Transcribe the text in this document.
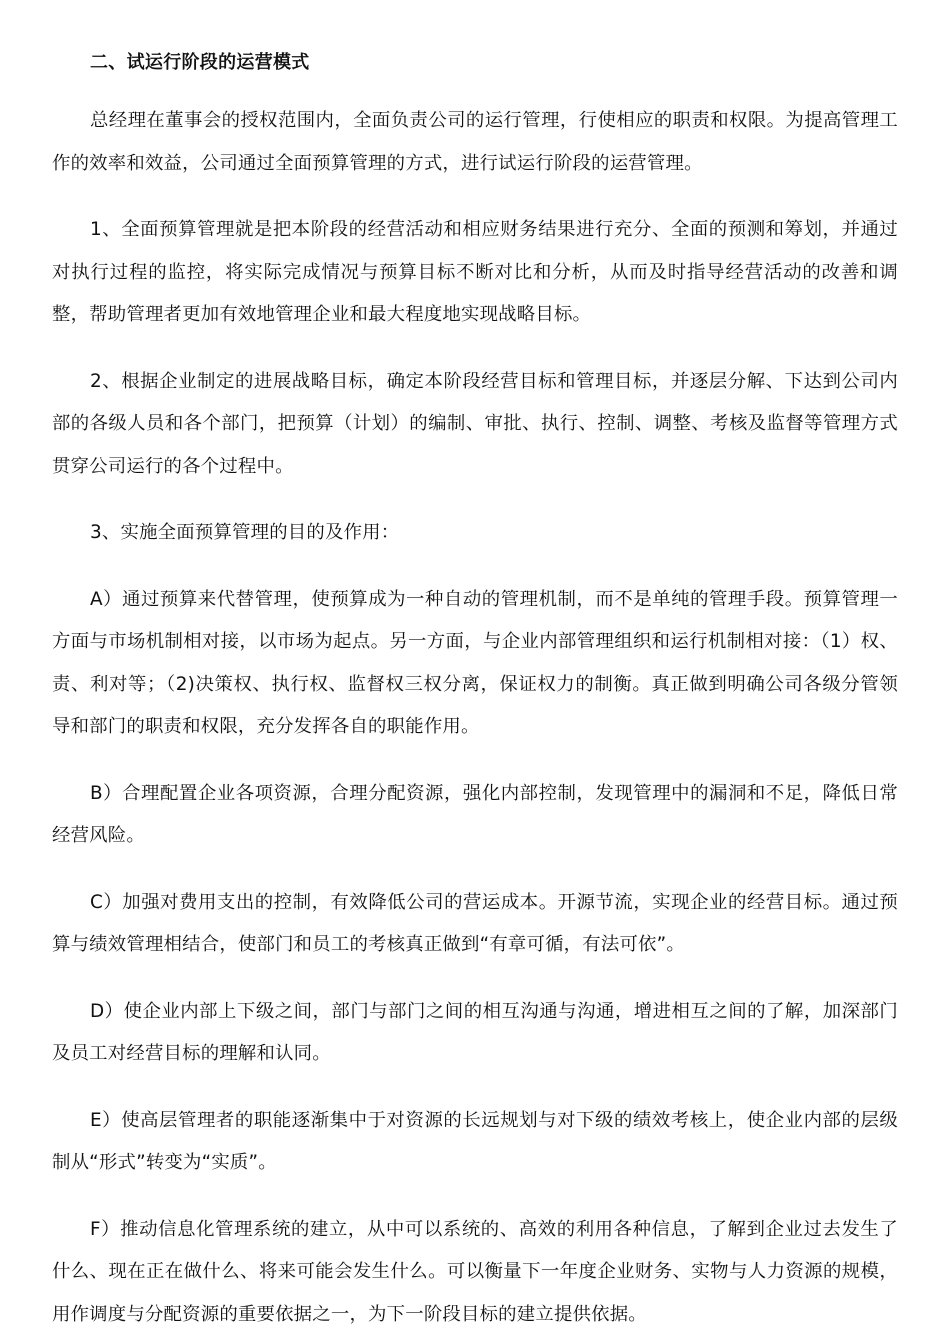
二、试运行阶段的运营模式

总经理在董事会的授权范围内，全面负责公司的运行管理，行使相应的职责和权限。为提高管理工作的效率和效益，公司通过全面预算管理的方式，进行试运行阶段的运营管理。

1、全面预算管理就是把本阶段的经营活动和相应财务结果进行充分、全面的预测和筹划，并通过对执行过程的监控，将实际完成情况与预算目标不断对比和分析，从而及时指导经营活动的改善和调整，帮助管理者更加有效地管理企业和最大程度地实现战略目标。

2、根据企业制定的进展战略目标，确定本阶段经营目标和管理目标，并逐层分解、下达到公司内部的各级人员和各个部门，把预算（计划）的编制、审批、执行、控制、调整、考核及监督等管理方式贯穿公司运行的各个过程中。

3、实施全面预算管理的目的及作用：

A）通过预算来代替管理，使预算成为一种自动的管理机制，而不是单纯的管理手段。预算管理一方面与市场机制相对接，以市场为起点。另一方面，与企业内部管理组织和运行机制相对接：（1）权、责、利对等；（2)决策权、执行权、监督权三权分离，保证权力的制衡。真正做到明确公司各级分管领导和部门的职责和权限，充分发挥各自的职能作用。

B）合理配置企业各项资源，合理分配资源，强化内部控制，发现管理中的漏洞和不足，降低日常经营风险。

C）加强对费用支出的控制，有效降低公司的营运成本。开源节流，实现企业的经营目标。通过预算与绩效管理相结合，使部门和员工的考核真正做到“有章可循，有法可依”。

D）使企业内部上下级之间，部门与部门之间的相互沟通与沟通，增进相互之间的了解，加深部门及员工对经营目标的理解和认同。

E）使高层管理者的职能逐渐集中于对资源的长远规划与对下级的绩效考核上，使企业内部的层级制从“形式”转变为“实质”。

F）推动信息化管理系统的建立，从中可以系统的、高效的利用各种信息，了解到企业过去发生了什么、现在正在做什么、将来可能会发生什么。可以衡量下一年度企业财务、实物与人力资源的规模，用作调度与分配资源的重要依据之一，为下一阶段目标的建立提供依据。
